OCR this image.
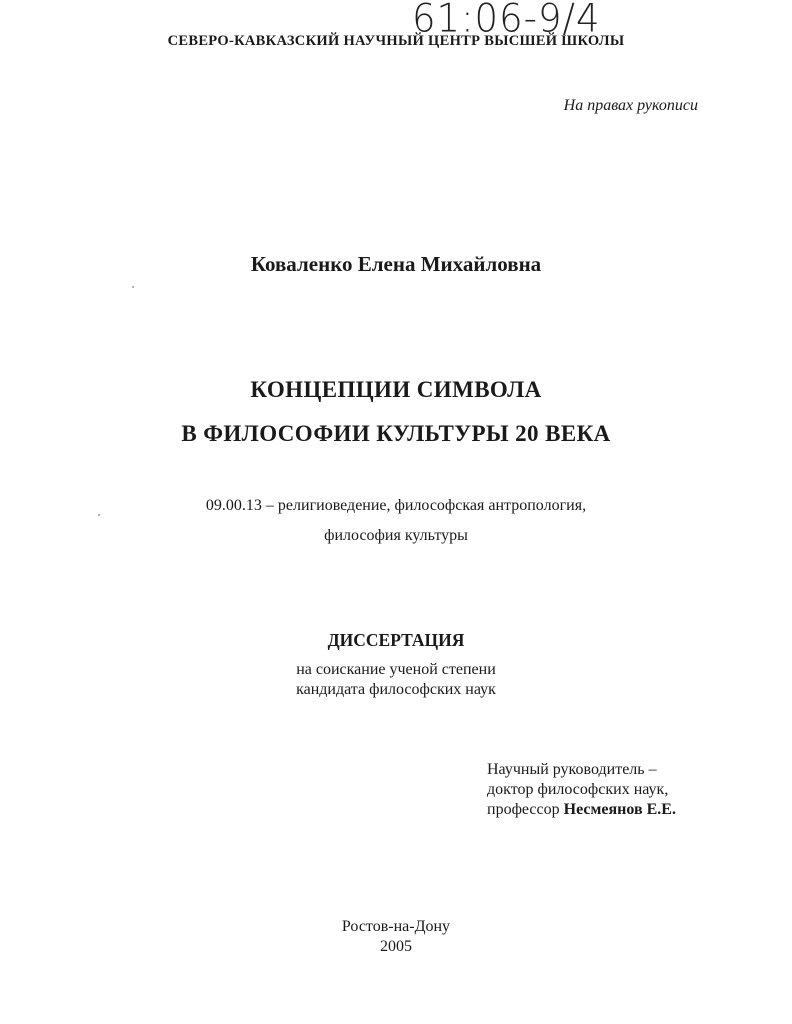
61:06-9/4
СЕВЕРО-КАВКАЗСКИЙ НАУЧНЫЙ ЦЕНТР ВЫСШЕЙ ШКОЛЫ
На правах рукописи
Коваленко Елена Михайловна
КОНЦЕПЦИИ СИМВОЛА
В ФИЛОСОФИИ КУЛЬТУРЫ 20 ВЕКА
09.00.13 – религиоведение, философская антропология,
философия культуры
ДИССЕРТАЦИЯ
на соискание ученой степени
кандидата философских наук
Научный руководитель –
доктор философских наук,
профессор Несмеянов Е.Е.
Ростов-на-Дону
2005
